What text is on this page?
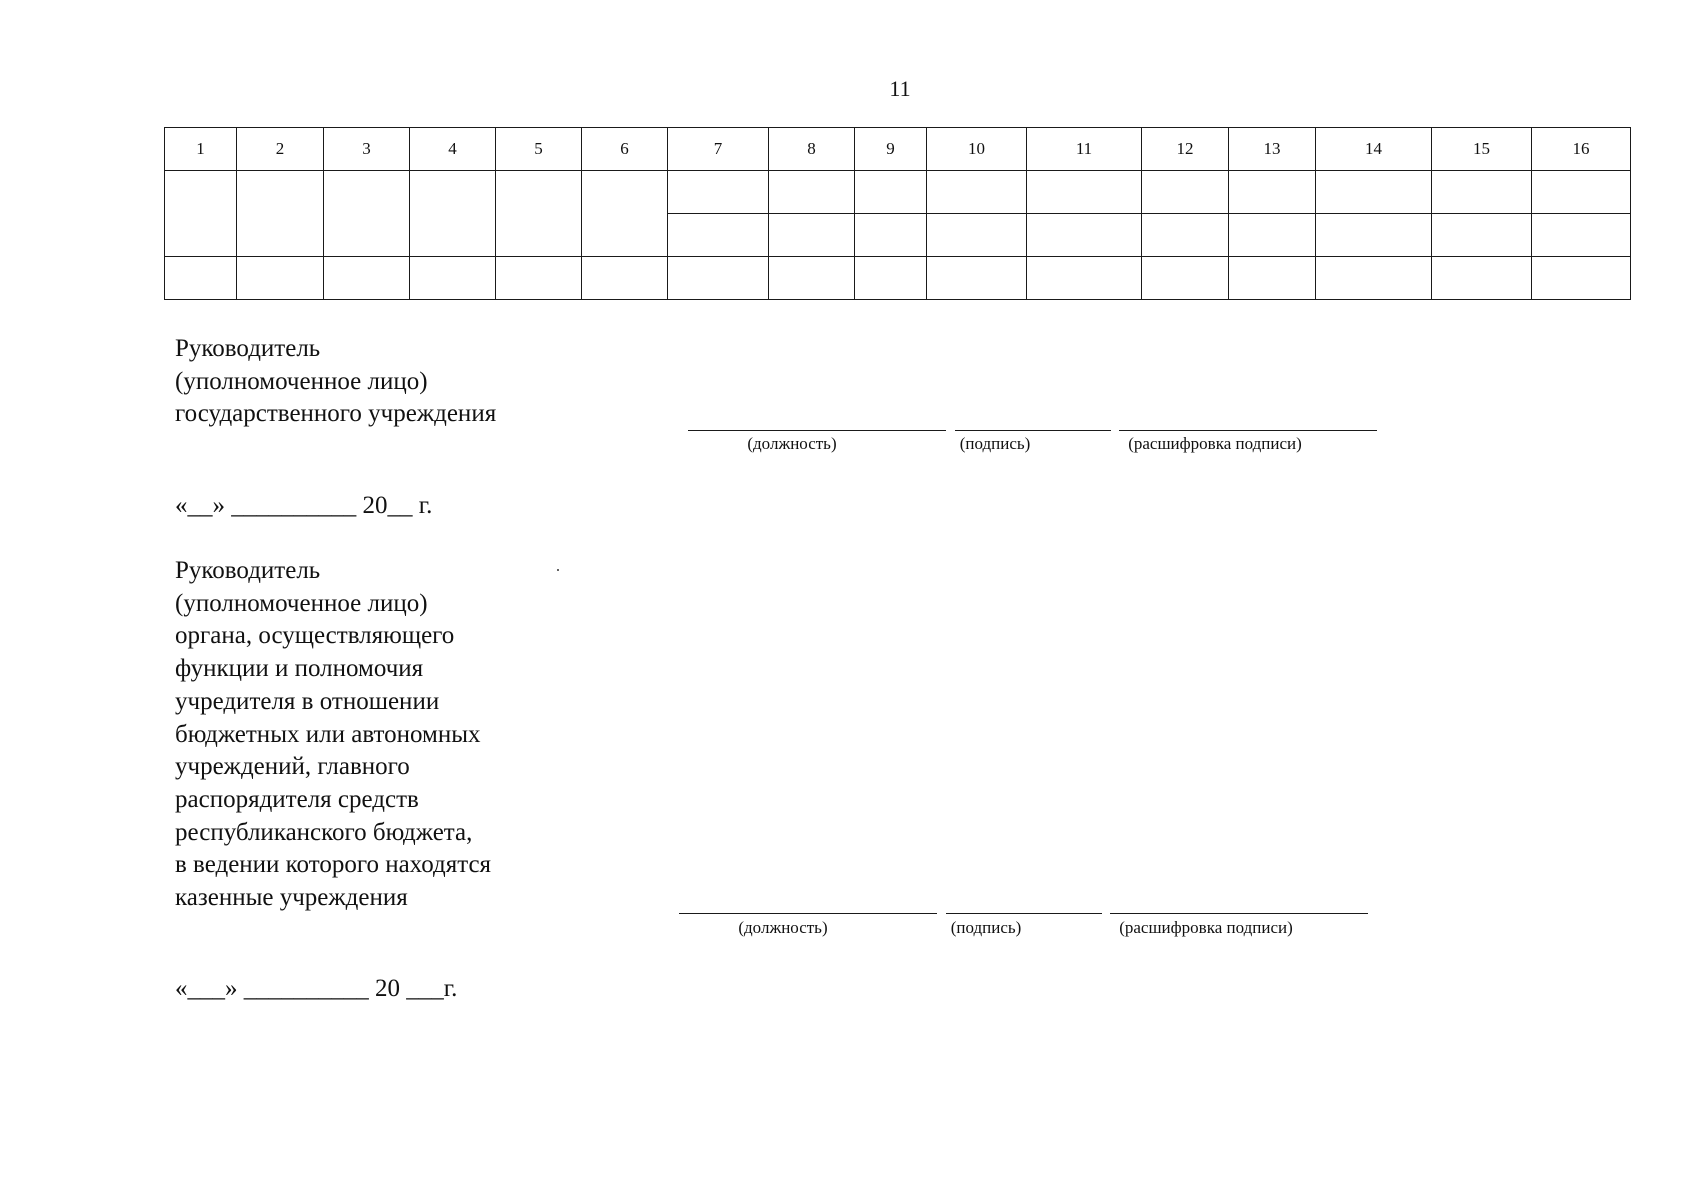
11
1	2	3	4	5	6	7	8	9	10	11	12	13	14	15	16

Руководитель
(уполномоченное лицо)
государственного учреждения
(должность)	(подпись)	(расшифровка подписи)
«__» __________ 20__ г.
Руководитель
(уполномоченное лицо)
органа, осуществляющего
функции и полномочия
учредителя в отношении
бюджетных или автономных
учреждений, главного
распорядителя средств
республиканского бюджета,
в ведении которого находятся
казенные учреждения
(должность)	(подпись)	(расшифровка подписи)
«___» __________ 20 ___г.
